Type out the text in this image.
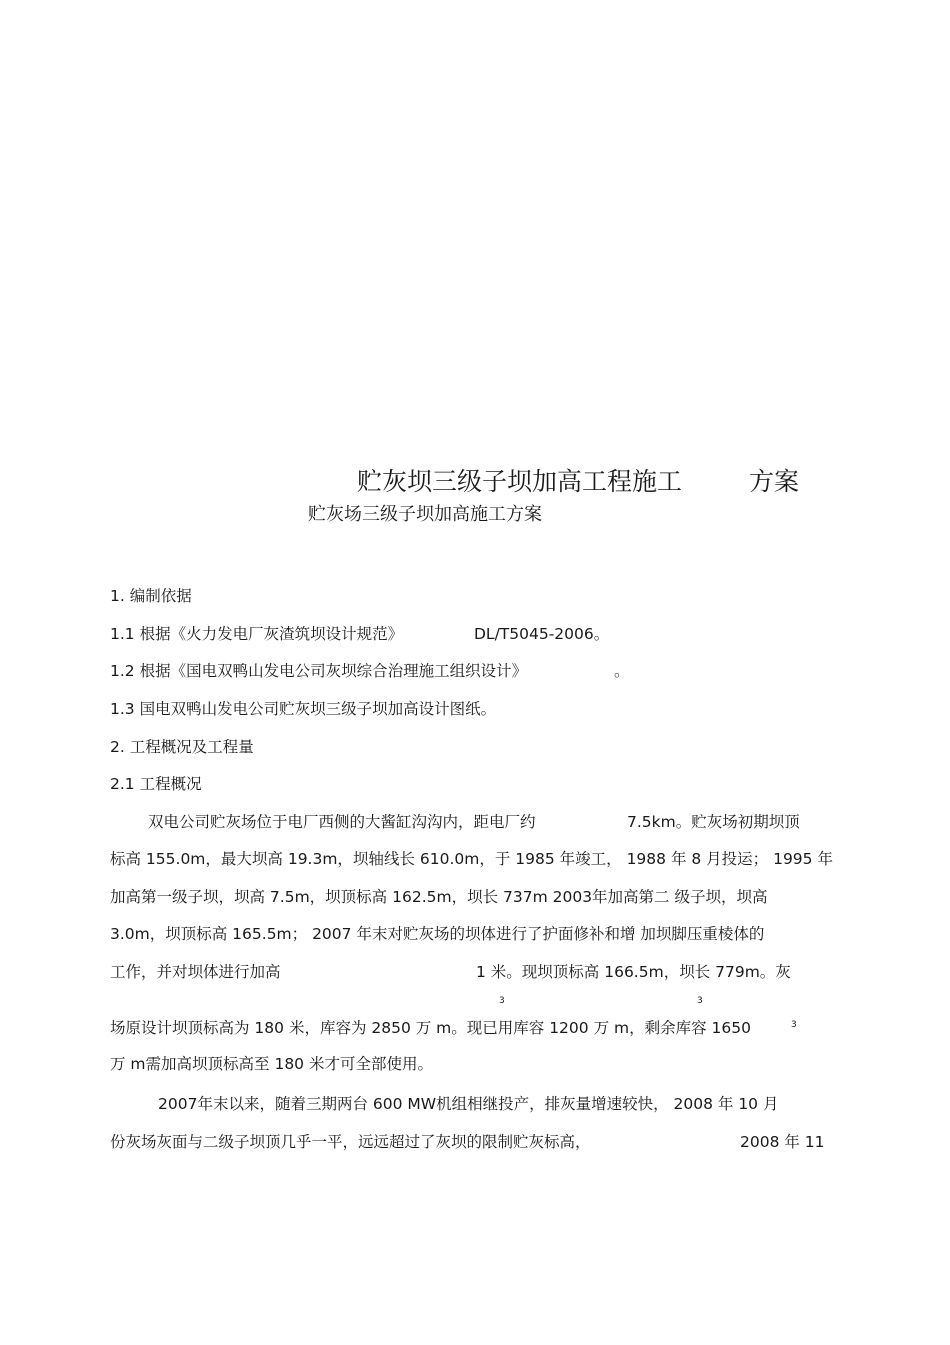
贮灰坝三级子坝加高工程施工	方案
贮灰场三级子坝加高施工方案
1. 编制依据
1.1 根据《火力发电厂灰渣筑坝设计规范》	DL/T5045-2006。
1.2 根据《国电双鸭山发电公司灰坝综合治理施工组织设计》	。
1.3 国电双鸭山发电公司贮灰坝三级子坝加高设计图纸。
2. 工程概况及工程量
2.1 工程概况
双电公司贮灰场位于电厂西侧的大酱缸沟沟内，距电厂约	7.5km。贮灰场初期坝顶
标高 155.0m，最大坝高 19.3m，坝轴线长 610.0m，于 1985 年竣工， 1988 年 8 月投运； 1995 年
加高第一级子坝，坝高 7.5m，坝顶标高 162.5m，坝长 737m 2003年加高第二 级子坝，坝高
3.0m，坝顶标高 165.5m； 2007 年末对贮灰场的坝体进行了护面修补和增 加坝脚压重棱体的
工作，并对坝体进行加高	1 米。现坝顶标高 166.5m，坝长 779m。灰
3	3
3
场原设计坝顶标高为 180 米，库容为 2850 万 m。现已用库容 1200 万 m，剩余库容 1650
万 m需加高坝顶标高至 180 米才可全部使用。
2007年末以来，随着三期两台 600 MW机组相继投产，排灰量增速较快， 2008 年 10 月
份灰场灰面与二级子坝顶几乎一平，远远超过了灰坝的限制贮灰标高，	2008 年 11
